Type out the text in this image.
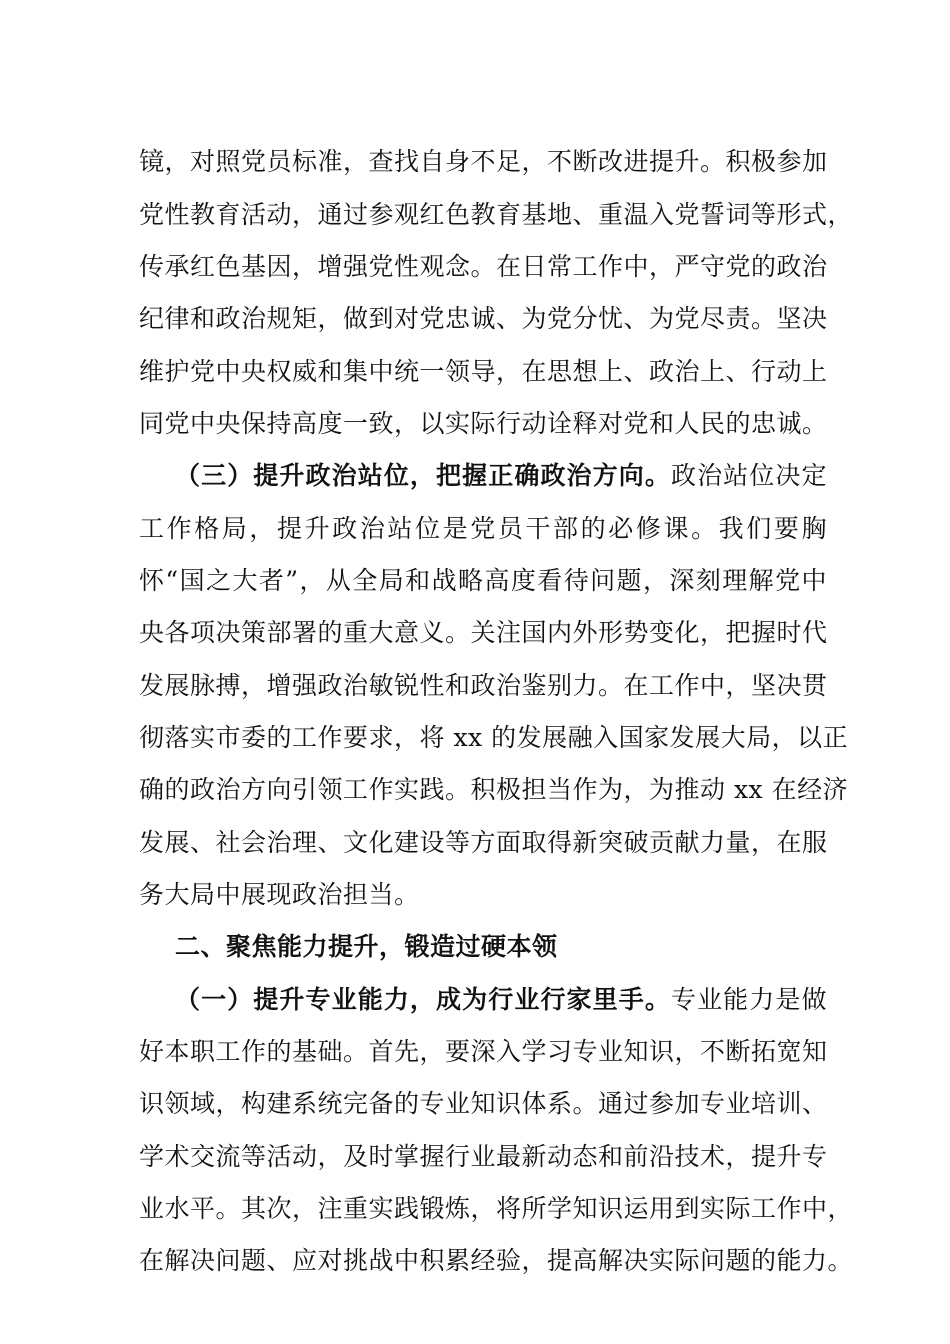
镜，对照党员标准，查找自身不足，不断改进提升。积极参加
党性教育活动，通过参观红色教育基地、重温入党誓词等形式，
传承红色基因，增强党性观念。在日常工作中，严守党的政治
纪律和政治规矩，做到对党忠诚、为党分忧、为党尽责。坚决
维护党中央权威和集中统一领导，在思想上、政治上、行动上
同党中央保持高度一致，以实际行动诠释对党和人民的忠诚。
（三）提升政治站位，把握正确政治方向。政治站位决定
工作格局，提升政治站位是党员干部的必修课。我们要胸
怀“国之大者”，从全局和战略高度看待问题，深刻理解党中
央各项决策部署的重大意义。关注国内外形势变化，把握时代
发展脉搏，增强政治敏锐性和政治鉴别力。在工作中，坚决贯
彻落实市委的工作要求，将 xx 的发展融入国家发展大局，以正
确的政治方向引领工作实践。积极担当作为，为推动 xx 在经济
发展、社会治理、文化建设等方面取得新突破贡献力量，在服
务大局中展现政治担当。
二、聚焦能力提升，锻造过硬本领
（一）提升专业能力，成为行业行家里手。专业能力是做
好本职工作的基础。首先，要深入学习专业知识，不断拓宽知
识领域，构建系统完备的专业知识体系。通过参加专业培训、
学术交流等活动，及时掌握行业最新动态和前沿技术，提升专
业水平。其次，注重实践锻炼，将所学知识运用到实际工作中，
在解决问题、应对挑战中积累经验，提高解决实际问题的能力。
